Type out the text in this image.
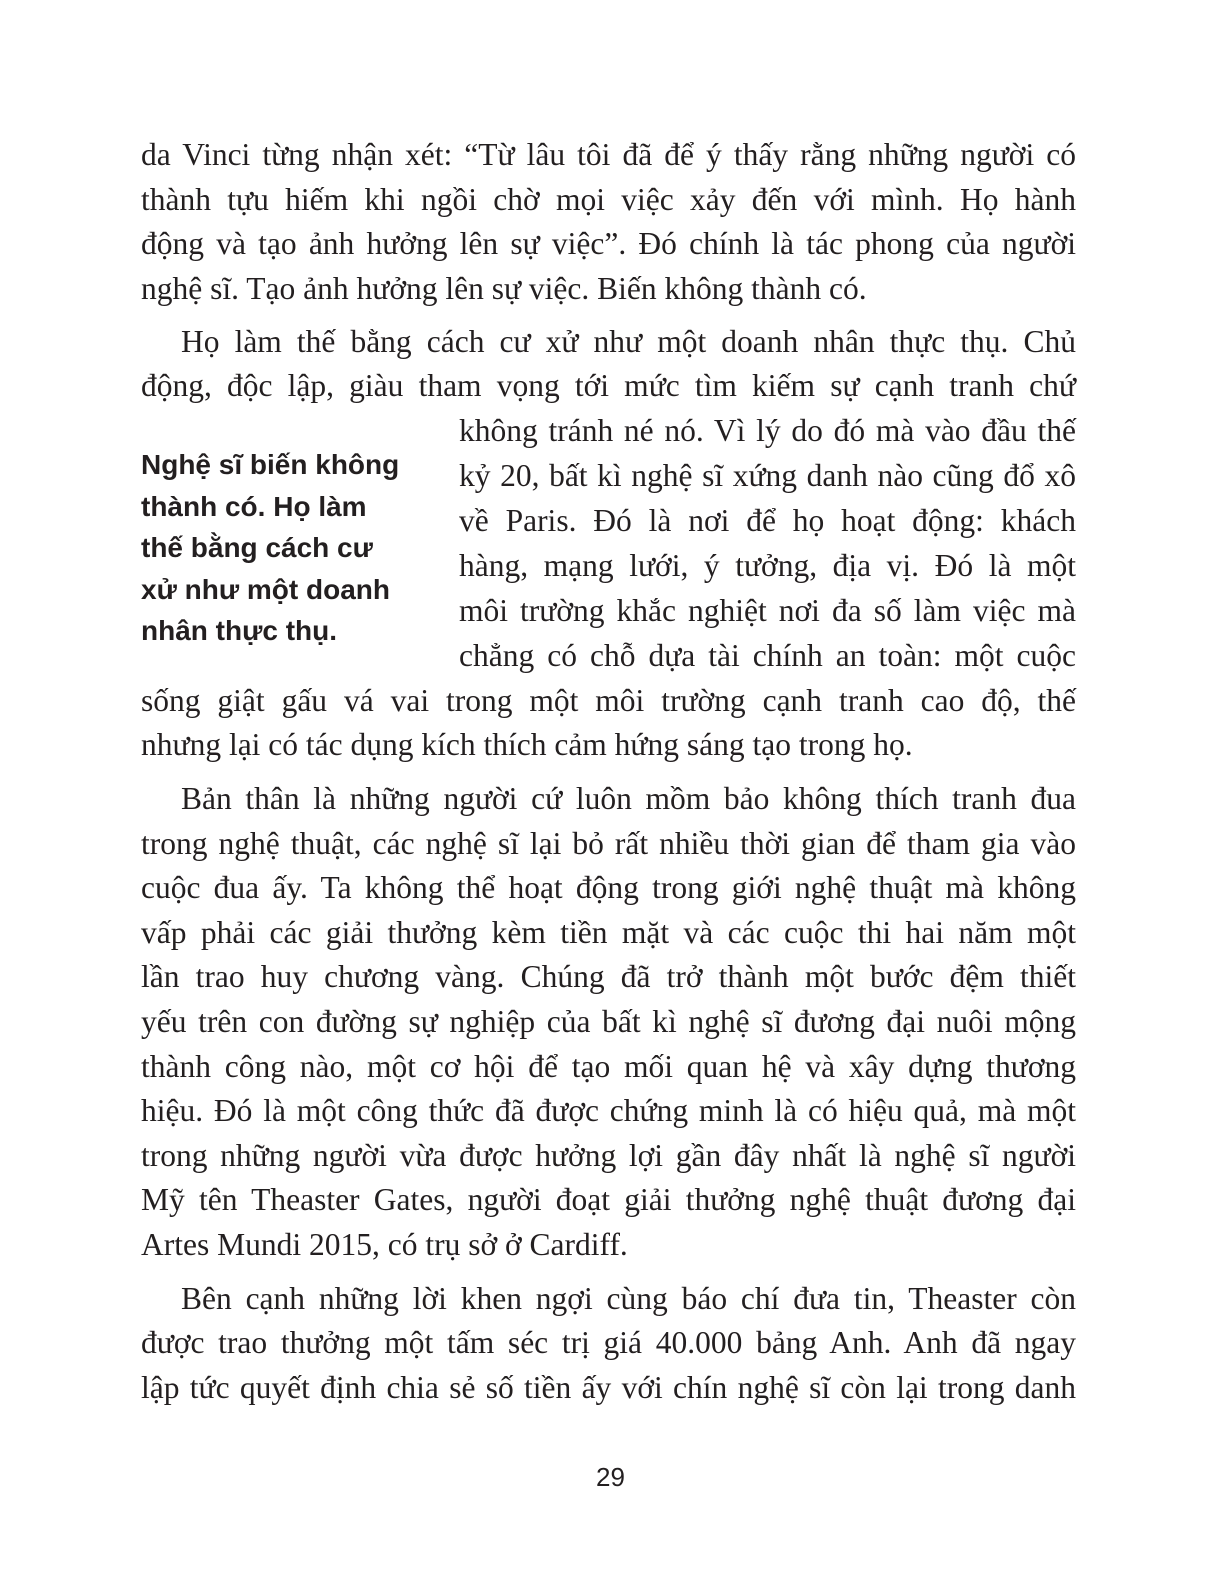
da Vinci từng nhận xét: “Từ lâu tôi đã để ý thấy rằng những người có
thành tựu hiếm khi ngồi chờ mọi việc xảy đến với mình. Họ hành
động và tạo ảnh hưởng lên sự việc”. Đó chính là tác phong của người
nghệ sĩ. Tạo ảnh hưởng lên sự việc. Biến không thành có.
Họ làm thế bằng cách cư xử như một doanh nhân thực thụ. Chủ
động, độc lập, giàu tham vọng tới mức tìm kiếm sự cạnh tranh chứ
không tránh né nó. Vì lý do đó mà vào đầu thế
kỷ 20, bất kì nghệ sĩ xứng danh nào cũng đổ xô
về Paris. Đó là nơi để họ hoạt động: khách
hàng, mạng lưới, ý tưởng, địa vị. Đó là một
môi trường khắc nghiệt nơi đa số làm việc mà
chẳng có chỗ dựa tài chính an toàn: một cuộc
sống giật gấu vá vai trong một môi trường cạnh tranh cao độ, thế
nhưng lại có tác dụng kích thích cảm hứng sáng tạo trong họ.
Nghệ sĩ biến không
thành có. Họ làm
thế bằng cách cư
xử như một doanh
nhân thực thụ.
Bản thân là những người cứ luôn mồm bảo không thích tranh đua
trong nghệ thuật, các nghệ sĩ lại bỏ rất nhiều thời gian để tham gia vào
cuộc đua ấy. Ta không thể hoạt động trong giới nghệ thuật mà không
vấp phải các giải thưởng kèm tiền mặt và các cuộc thi hai năm một
lần trao huy chương vàng. Chúng đã trở thành một bước đệm thiết
yếu trên con đường sự nghiệp của bất kì nghệ sĩ đương đại nuôi mộng
thành công nào, một cơ hội để tạo mối quan hệ và xây dựng thương
hiệu. Đó là một công thức đã được chứng minh là có hiệu quả, mà một
trong những người vừa được hưởng lợi gần đây nhất là nghệ sĩ người
Mỹ tên Theaster Gates, người đoạt giải thưởng nghệ thuật đương đại
Artes Mundi 2015, có trụ sở ở Cardiff.
Bên cạnh những lời khen ngợi cùng báo chí đưa tin, Theaster còn
được trao thưởng một tấm séc trị giá 40.000 bảng Anh. Anh đã ngay
lập tức quyết định chia sẻ số tiền ấy với chín nghệ sĩ còn lại trong danh
29
